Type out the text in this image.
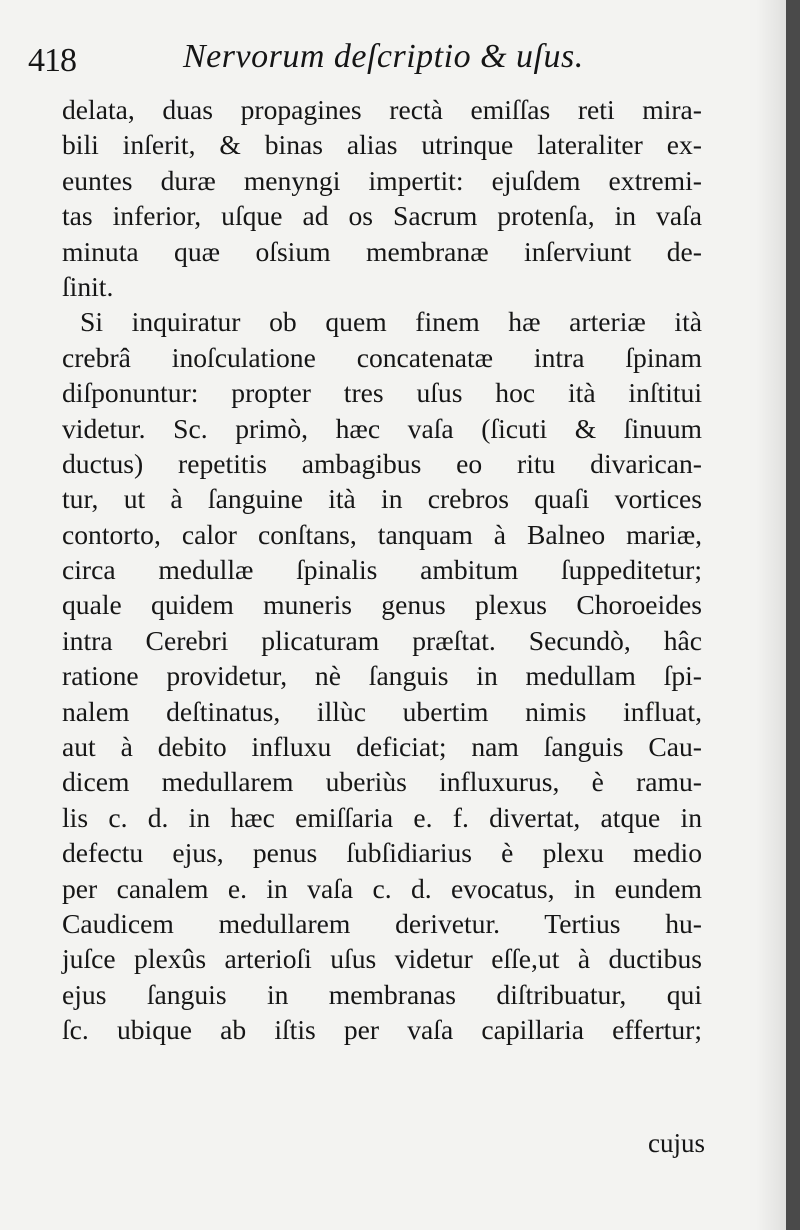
418	Nervorum deſcriptio & uſus.
delata, duas propagines rectà emiſſas reti mira-
bili inſerit, & binas alias utrinque lateraliter ex-
euntes duræ menyngi impertit: ejuſdem extremi-
tas inferior, uſque ad os Sacrum protenſa, in vaſa
minuta quæ oſsium membranæ inſerviunt de-
ſinit.
Si inquiratur ob quem finem hæ arteriæ ità
crebrâ inoſculatione concatenatæ intra ſpinam
diſponuntur: propter tres uſus hoc ità inſtitui
videtur. Sc. primò, hæc vaſa (ſicuti & ſinuum
ductus) repetitis ambagibus eo ritu divarican-
tur, ut à ſanguine ità in crebros quaſi vortices
contorto, calor conſtans, tanquam à Balneo mariæ,
circa medullæ ſpinalis ambitum ſuppeditetur;
quale quidem muneris genus plexus Choroeides
intra Cerebri plicaturam præſtat. Secundò, hâc
ratione providetur, nè ſanguis in medullam ſpi-
nalem deſtinatus, illùc ubertim nimis influat,
aut à debito influxu deficiat; nam ſanguis Cau-
dicem medullarem uberiùs influxurus, è ramu-
lis c. d. in hæc emiſſaria e. f. divertat, atque in
defectu ejus, penus ſubſidiarius è plexu medio
per canalem e. in vaſa c. d. evocatus, in eundem
Caudicem medullarem derivetur. Tertius hu-
juſce plexûs arterioſi uſus videtur eſſe,ut à ductibus
ejus ſanguis in membranas diſtribuatur, qui
ſc. ubique ab iſtis per vaſa capillaria effertur;
cujus
